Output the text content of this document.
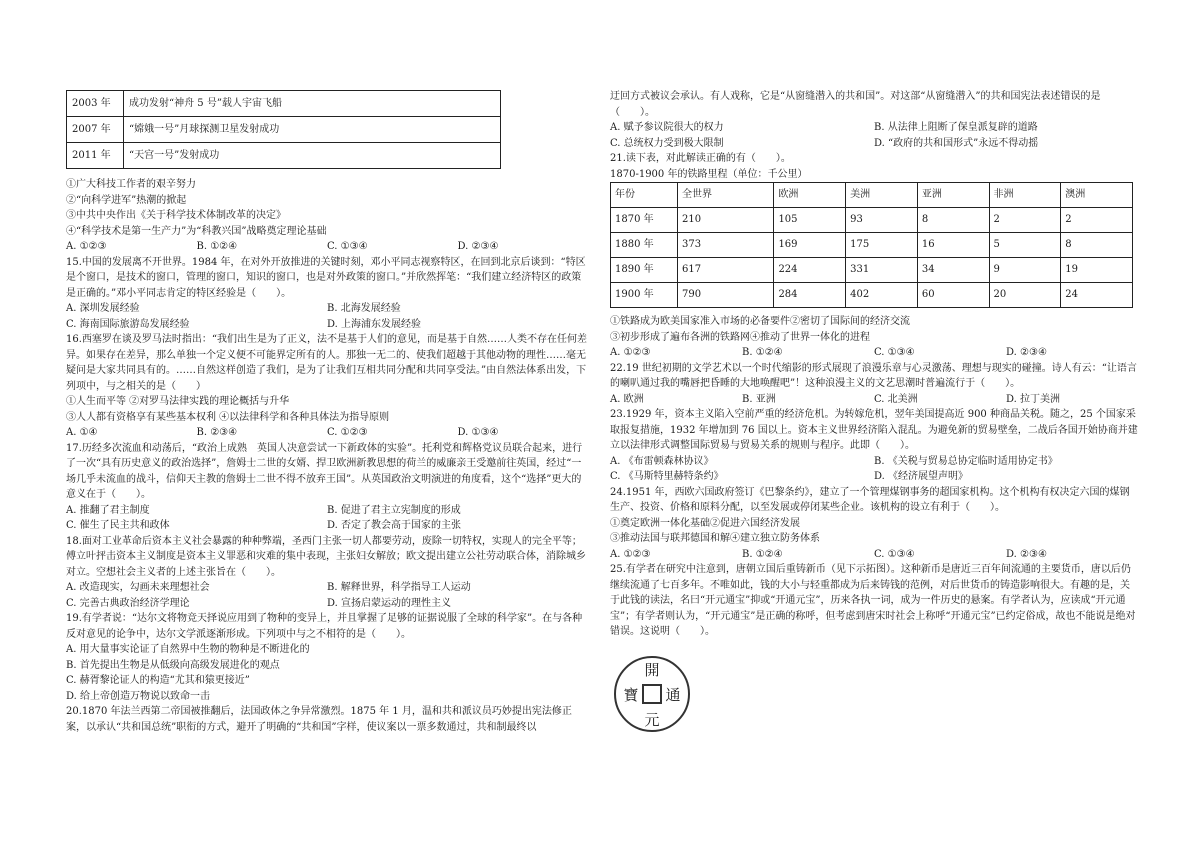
2003 年	成功发射“神舟 5 号”载人宇宙飞船
2007 年	“嫦娥一号”月球探测卫星发射成功
2011 年	“天宫一号”发射成功

①广大科技工作者的艰辛努力

②“向科学进军”热潮的掀起

③中共中央作出《关于科学技术体制改革的决定》

④“科学技术是第一生产力”为“科教兴国”战略奠定理论基础

A. ①②③	B. ①②④	C. ①③④	D. ②③④

15.中国的发展离不开世界。1984 年，在对外开放推进的关键时刻，邓小平同志视察特区，在回到北京后谈到：“特区是个窗口，是技术的窗口，管理的窗口，知识的窗口，也是对外政策的窗口。”并欣然挥笔：“我们建立经济特区的政策是正确的。”邓小平同志肯定的特区经验是（　　）。

A. 深圳发展经验	B. 北海发展经验
C. 海南国际旅游岛发展经验	D. 上海浦东发展经验

16.西塞罗在谈及罗马法时指出：“我们出生是为了正义，法不是基于人们的意见，而是基于自然……人类不存在任何差异。如果存在差异，那么单独一个定义便不可能界定所有的人。那独一无二的、使我们超越于其他动物的理性……毫无疑问是大家共同具有的。……自然这样创造了我们，是为了让我们互相共同分配和共同享受法。”由自然法体系出发，下列项中，与之相关的是（　　）

①人生而平等 ②对罗马法律实践的理论概括与升华

③人人都有资格享有某些基本权利 ④以法律科学和各种具体法为指导原则

A. ①④	B. ②③④	C. ①②③	D. ①③④

17.历经多次流血和动荡后，“政治上成熟　英国人决意尝试一下新政体的实验”。托利党和辉格党议员联合起来，进行了一次“具有历史意义的政治选择”，詹姆士二世的女婿、捍卫欧洲新教思想的荷兰的威廉亲王受邀前往英国，经过“一场几乎未流血的战斗，信仰天主教的詹姆士二世不得不放弃王国”。从英国政治文明演进的角度看，这个“选择”更大的意义在于（　　）。

A. 推翻了君主制度	B. 促进了君主立宪制度的形成
C. 催生了民主共和政体	D. 否定了教会高于国家的主张

18.面对工业革命后资本主义社会暴露的种种弊端，圣西门主张一切人都要劳动，废除一切特权，实现人的完全平等；傅立叶抨击资本主义制度是资本主义罪恶和灾难的集中表现，主张妇女解放；欧文提出建立公社劳动联合体，消除城乡对立。空想社会主义者的上述主张旨在（　　）。

A. 改造现实，勾画未来理想社会	B. 解释世界，科学指导工人运动
C. 完善古典政治经济学理论	D. 宣扬启蒙运动的理性主义

19.有学者说：“达尔文将物竞天择说应用到了物种的变异上，并且掌握了足够的证据说服了全球的科学家”。在与各种反对意见的论争中，达尔文学派逐渐形成。下列项中与之不相符的是（　　）。

A. 用大量事实论证了自然界中生物的物种是不断进化的

B. 首先提出生物是从低级向高级发展进化的观点

C. 赫胥黎论证人的构造“尤其和猿更接近”

D. 给上帝创造万物说以致命一击

20.1870 年法兰西第二帝国被推翻后，法国政体之争异常激烈。1875 年 1 月，温和共和派议员巧妙提出宪法修正案，以承认“共和国总统”职衔的方式，避开了明确的“共和国”字样，使议案以一票多数通过，共和制最终以

迂回方式被议会承认。有人戏称，它是“从窗缝潜入的共和国”。对这部“从窗缝潜入”的共和国宪法表述错误的是（　　）。

A. 赋予参议院很大的权力	B. 从法律上阻断了保皇派复辟的道路
C. 总统权力受到极大限制	D. “政府的共和国形式”永远不得动摇

21.读下表，对此解读正确的有（　　）。

1870-1900 年的铁路里程（单位：千公里）

年份	全世界	欧洲	美洲	亚洲	非洲	澳洲
1870 年	210	105	93	8	2	2
1880 年	373	169	175	16	5	8
1890 年	617	224	331	34	9	19
1900 年	790	284	402	60	20	24

①铁路成为欧美国家准入市场的必备要件②密切了国际间的经济交流

③初步形成了遍布各洲的铁路网④推动了世界一体化的进程

A. ①②③	B. ①②④	C. ①③④	D. ②③④

22.19 世纪初期的文学艺术以一个时代缩影的形式展现了浪漫乐章与心灵激荡、理想与现实的碰撞。诗人有云：“让语言的喇叭通过我的嘴唇把昏睡的大地唤醒吧”！这种浪漫主义的文艺思潮时普遍流行于（　　）。

A. 欧洲	B. 亚洲	C. 北美洲	D. 拉丁美洲

23.1929 年，资本主义陷入空前严重的经济危机。为转嫁危机，翌年美国提高近 900 种商品关税。随之，25 个国家采取报复措施，1932 年增加到 76 国以上。资本主义世界经济陷入混乱。为避免新的贸易壁垒，二战后各国开始协商并建立以法律形式调整国际贸易与贸易关系的规则与程序。此即（　　）。

A. 《布雷顿森林协议》	B. 《关税与贸易总协定临时适用协定书》
C. 《马斯特里赫特条约》	D. 《经济展望声明》

24.1951 年，西欧六国政府签订《巴黎条约》，建立了一个管理煤钢事务的超国家机构。这个机构有权决定六国的煤钢生产、投资、价格和原料分配，以至发展或停闭某些企业。该机构的设立有利于（　　）。

①奠定欧洲一体化基础②促进六国经济发展

③推动法国与联邦德国和解④建立独立防务体系

A. ①②③	B. ①②④	C. ①③④	D. ②③④

25.有学者在研究中注意到，唐朝立国后重铸新币（见下示拓图）。这种新币是唐近三百年间流通的主要货币，唐以后仍继续流通了七百多年。不唯如此，钱的大小与轻重都成为后来铸钱的范例，对后世货币的铸造影响很大。有趣的是，关于此钱的读法，名曰“开元通宝”抑或“开通元宝”，历来各执一词，成为一件历史的悬案。有学者认为，应读成“开元通宝”；有学者则认为，“开元通宝”是正确的称呼，但考虑到唐宋时社会上称呼“开通元宝”已约定俗成，故也不能说是绝对错误。这说明（　　）。

開
通
元
寶
